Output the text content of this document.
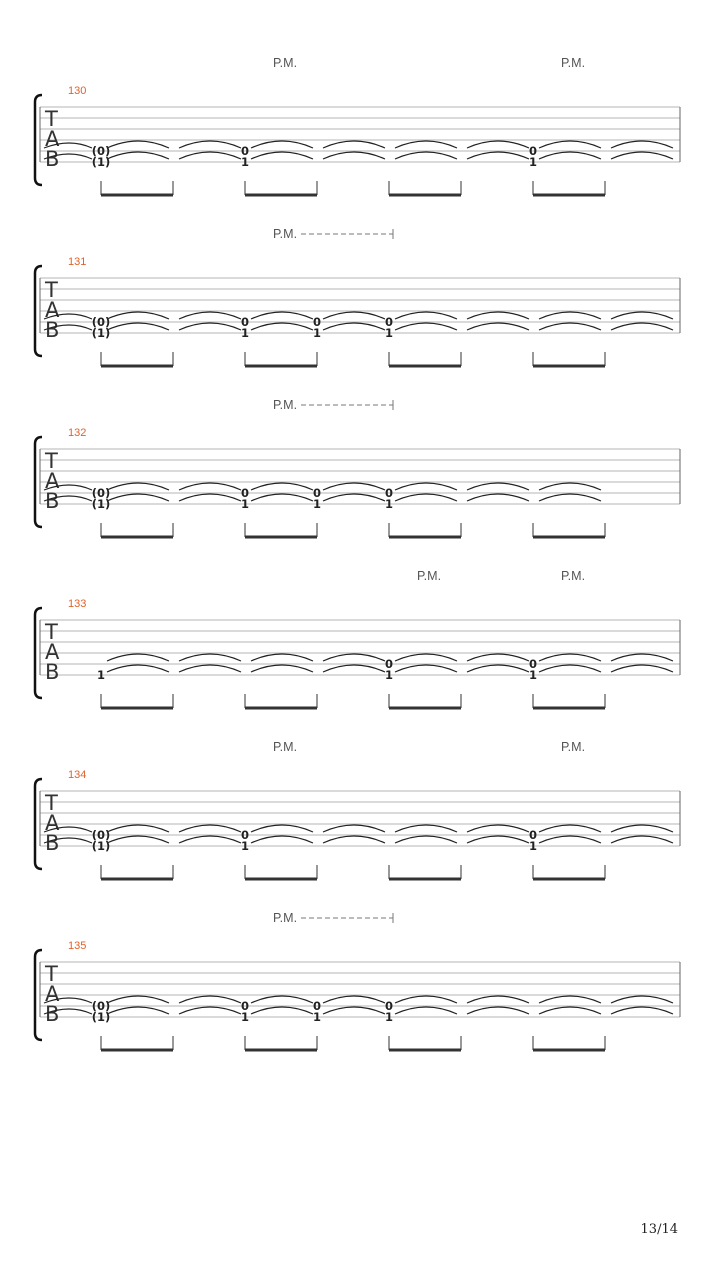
T
A
B
130
P.M.	P.M.
(0)
(1)
0
1
0
1
T
A
B
131
P.M.
(0)
(1)
0
1
0
1
0
1
T
A
B
132
P.M.
(0)
(1)
0
1
0
1
0
1
T
A
B
133
P.M.	P.M.
1
0
1
0
1
T
A
B
134
P.M.	P.M.
(0)
(1)
0
1
0
1
T
A
B
135
P.M.
(0)
(1)
0
1
0
1
0
1
13/14
